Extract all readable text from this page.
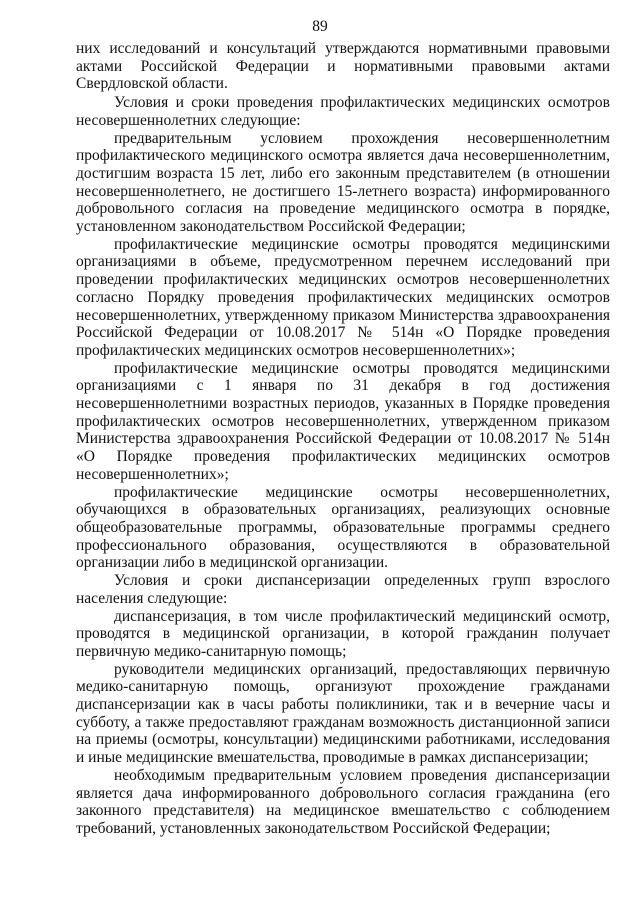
89

них исследований и консультаций утверждаются нормативными правовыми актами Российской Федерации и нормативными правовыми актами Свердловской области.

Условия и сроки проведения профилактических медицинских осмотров несовершеннолетних следующие:

предварительным условием прохождения несовершеннолетним профилактического медицинского осмотра является дача несовершеннолетним, достигшим возраста 15 лет, либо его законным представителем (в отношении несовершеннолетнего, не достигшего 15-летнего возраста) информированного добровольного согласия на проведение медицинского осмотра в порядке, установленном законодательством Российской Федерации;

профилактические медицинские осмотры проводятся медицинскими организациями в объеме, предусмотренном перечнем исследований при проведении профилактических медицинских осмотров несовершеннолетних согласно Порядку проведения профилактических медицинских осмотров несовершеннолетних, утвержденному приказом Министерства здравоохранения Российской Федерации от 10.08.2017 № 514н «О Порядке проведения профилактических медицинских осмотров несовершеннолетних»;

профилактические медицинские осмотры проводятся медицинскими организациями с 1 января по 31 декабря в год достижения несовершеннолетними возрастных периодов, указанных в Порядке проведения профилактических осмотров несовершеннолетних, утвержденном приказом Министерства здравоохранения Российской Федерации от 10.08.2017 № 514н «О Порядке проведения профилактических медицинских осмотров несовершеннолетних»;

профилактические медицинские осмотры несовершеннолетних, обучающихся в образовательных организациях, реализующих основные общеобразовательные программы, образовательные программы среднего профессионального образования, осуществляются в образовательной организации либо в медицинской организации.

Условия и сроки диспансеризации определенных групп взрослого населения следующие:

диспансеризация, в том числе профилактический медицинский осмотр, проводятся в медицинской организации, в которой гражданин получает первичную медико-санитарную помощь;

руководители медицинских организаций, предоставляющих первичную медико-санитарную помощь, организуют прохождение гражданами диспансеризации как в часы работы поликлиники, так и в вечерние часы и субботу, а также предоставляют гражданам возможность дистанционной записи на приемы (осмотры, консультации) медицинскими работниками, исследования и иные медицинские вмешательства, проводимые в рамках диспансеризации;

необходимым предварительным условием проведения диспансеризации является дача информированного добровольного согласия гражданина (его законного представителя) на медицинское вмешательство с соблюдением требований, установленных законодательством Российской Федерации;
